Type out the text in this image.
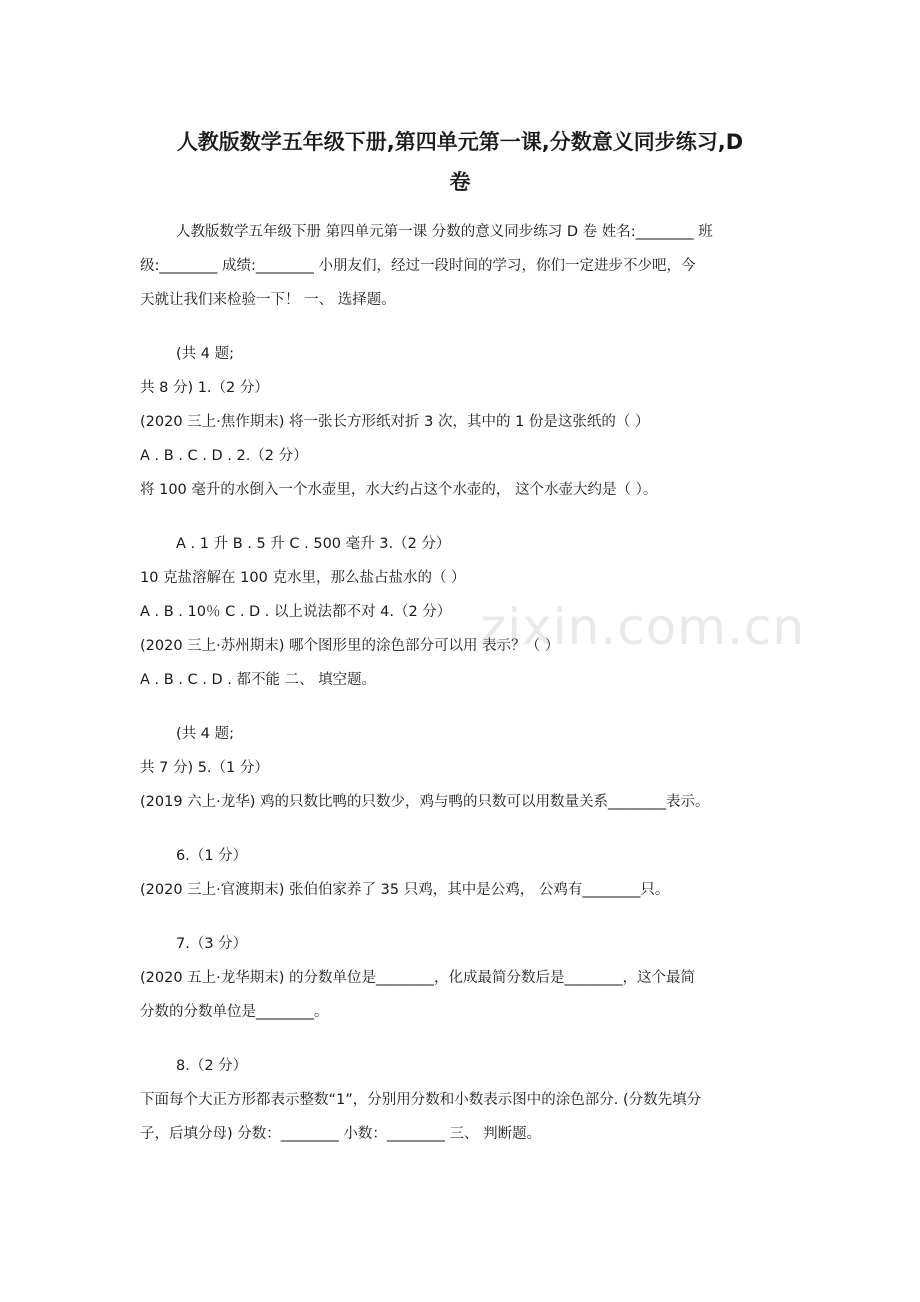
zixin.com.cn
人教版数学五年级下册,第四单元第一课,分数意义同步练习,D
卷
人教版数学五年级下册 第四单元第一课 分数的意义同步练习 D 卷 姓名:________ 班
级:________ 成绩:________ 小朋友们，经过一段时间的学习，你们一定进步不少吧，今
天就让我们来检验一下！ 一、 选择题。
(共 4 题;
共 8 分) 1.（2 分）
(2020 三上·焦作期末) 将一张长方形纸对折 3 次，其中的 1 份是这张纸的（ ）
A . B . C . D . 2.（2 分）
将 100 毫升的水倒入一个水壶里，水大约占这个水壶的， 这个水壶大约是（ ）。
A . 1 升 B . 5 升 C . 500 毫升 3.（2 分）
10 克盐溶解在 100 克水里，那么盐占盐水的（ ）
A . B . 10％ C . D . 以上说法都不对 4.（2 分）
(2020 三上·苏州期末) 哪个图形里的涂色部分可以用 表示？（ ）
A . B . C . D . 都不能 二、 填空题。
(共 4 题;
共 7 分) 5.（1 分）
(2019 六上·龙华) 鸡的只数比鸭的只数少，鸡与鸭的只数可以用数量关系________表示。
6.（1 分）
(2020 三上·官渡期末) 张伯伯家养了 35 只鸡，其中是公鸡， 公鸡有________只。
7.（3 分）
(2020 五上·龙华期末) 的分数单位是________，化成最简分数后是________，这个最简
分数的分数单位是________。
8.（2 分）
下面每个大正方形都表示整数“1”，分别用分数和小数表示图中的涂色部分. (分数先填分
子，后填分母) 分数：________ 小数：________ 三、 判断题。
